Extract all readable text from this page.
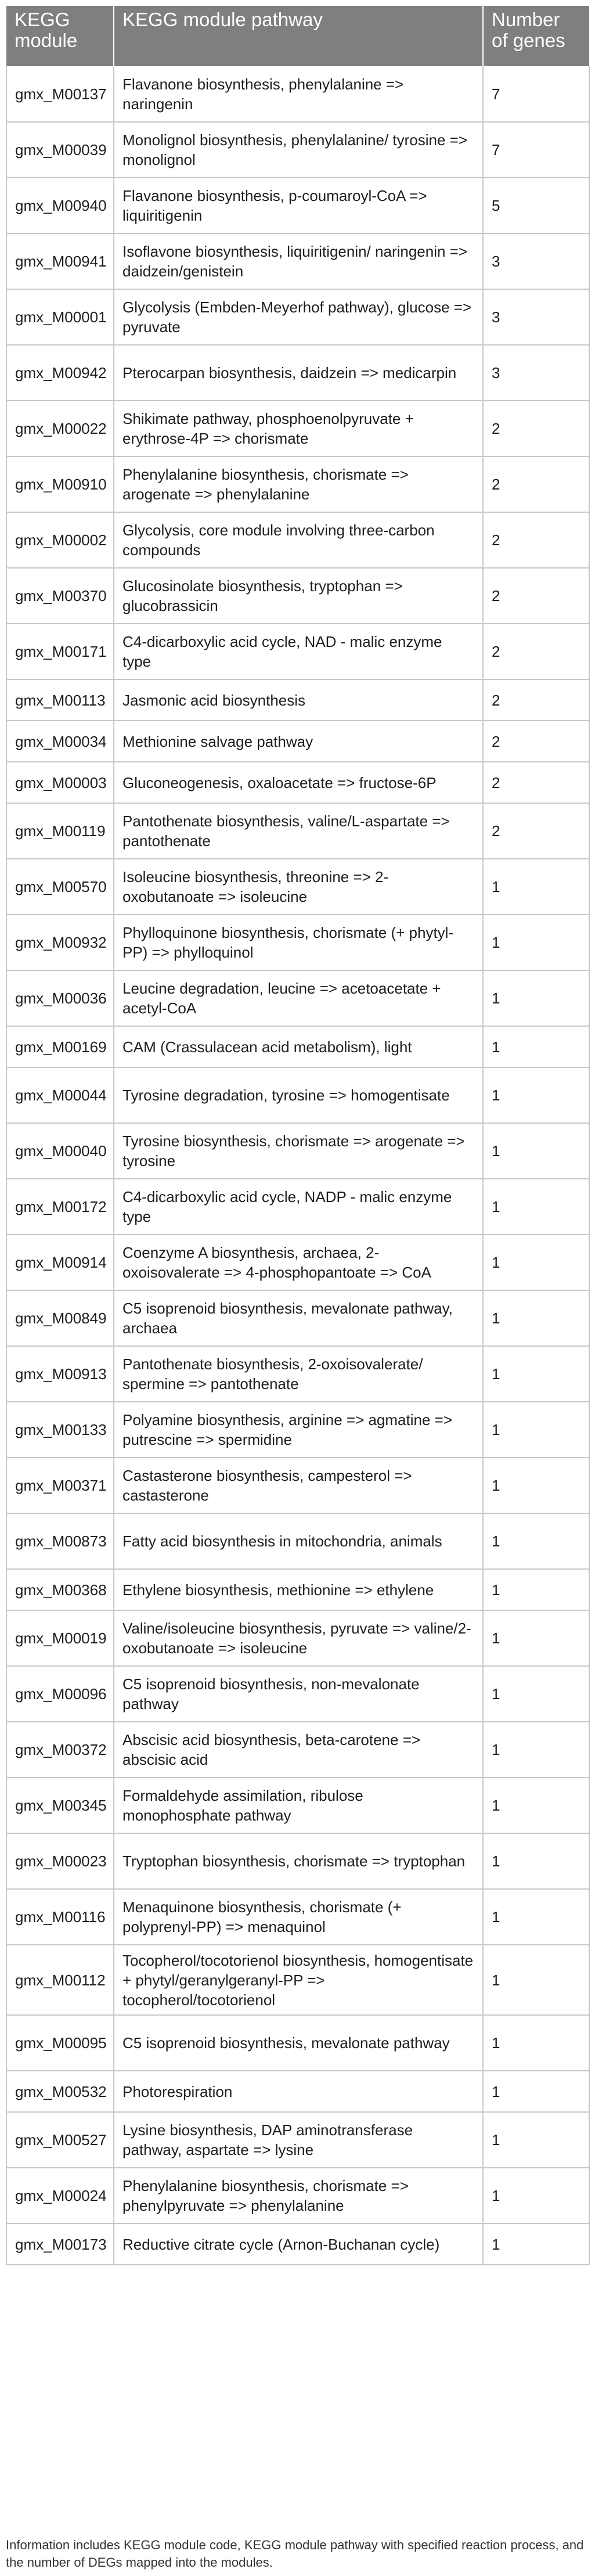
KEGG module	KEGG module pathway	Number of genes
gmx_M00137	Flavanone biosynthesis, phenylalanine => naringenin	7
gmx_M00039	Monolignol biosynthesis, phenylalanine/ tyrosine => monolignol	7
gmx_M00940	Flavanone biosynthesis, p-coumaroyl-CoA => liquiritigenin	5
gmx_M00941	Isoflavone biosynthesis, liquiritigenin/ naringenin => daidzein/genistein	3
gmx_M00001	Glycolysis (Embden-Meyerhof pathway), glucose => pyruvate	3
gmx_M00942	Pterocarpan biosynthesis, daidzein => medicarpin	3
gmx_M00022	Shikimate pathway, phosphoenolpyruvate + erythrose-4P => chorismate	2
gmx_M00910	Phenylalanine biosynthesis, chorismate => arogenate => phenylalanine	2
gmx_M00002	Glycolysis, core module involving three-carbon compounds	2
gmx_M00370	Glucosinolate biosynthesis, tryptophan => glucobrassicin	2
gmx_M00171	C4-dicarboxylic acid cycle, NAD - malic enzyme type	2
gmx_M00113	Jasmonic acid biosynthesis	2
gmx_M00034	Methionine salvage pathway	2
gmx_M00003	Gluconeogenesis, oxaloacetate => fructose-6P	2
gmx_M00119	Pantothenate biosynthesis, valine/L-aspartate => pantothenate	2
gmx_M00570	Isoleucine biosynthesis, threonine => 2-oxobutanoate => isoleucine	1
gmx_M00932	Phylloquinone biosynthesis, chorismate (+ phytyl-PP) => phylloquinol	1
gmx_M00036	Leucine degradation, leucine => acetoacetate + acetyl-CoA	1
gmx_M00169	CAM (Crassulacean acid metabolism), light	1
gmx_M00044	Tyrosine degradation, tyrosine => homogentisate	1
gmx_M00040	Tyrosine biosynthesis, chorismate => arogenate => tyrosine	1
gmx_M00172	C4-dicarboxylic acid cycle, NADP - malic enzyme type	1
gmx_M00914	Coenzyme A biosynthesis, archaea, 2-oxoisovalerate => 4-phosphopantoate => CoA	1
gmx_M00849	C5 isoprenoid biosynthesis, mevalonate pathway, archaea	1
gmx_M00913	Pantothenate biosynthesis, 2-oxoisovalerate/ spermine => pantothenate	1
gmx_M00133	Polyamine biosynthesis, arginine => agmatine => putrescine => spermidine	1
gmx_M00371	Castasterone biosynthesis, campesterol => castasterone	1
gmx_M00873	Fatty acid biosynthesis in mitochondria, animals	1
gmx_M00368	Ethylene biosynthesis, methionine => ethylene	1
gmx_M00019	Valine/isoleucine biosynthesis, pyruvate => valine/2-oxobutanoate => isoleucine	1
gmx_M00096	C5 isoprenoid biosynthesis, non-mevalonate pathway	1
gmx_M00372	Abscisic acid biosynthesis, beta-carotene => abscisic acid	1
gmx_M00345	Formaldehyde assimilation, ribulose monophosphate pathway	1
gmx_M00023	Tryptophan biosynthesis, chorismate => tryptophan	1
gmx_M00116	Menaquinone biosynthesis, chorismate (+ polyprenyl-PP) => menaquinol	1
gmx_M00112	Tocopherol/tocotorienol biosynthesis, homogentisate + phytyl/geranylgeranyl-PP => tocopherol/tocotorienol	1
gmx_M00095	C5 isoprenoid biosynthesis, mevalonate pathway	1
gmx_M00532	Photorespiration	1
gmx_M00527	Lysine biosynthesis, DAP aminotransferase pathway, aspartate => lysine	1
gmx_M00024	Phenylalanine biosynthesis, chorismate => phenylpyruvate => phenylalanine	1
gmx_M00173	Reductive citrate cycle (Arnon-Buchanan cycle)	1
Information includes KEGG module code, KEGG module pathway with specified reaction process, and the number of DEGs mapped into the modules.
